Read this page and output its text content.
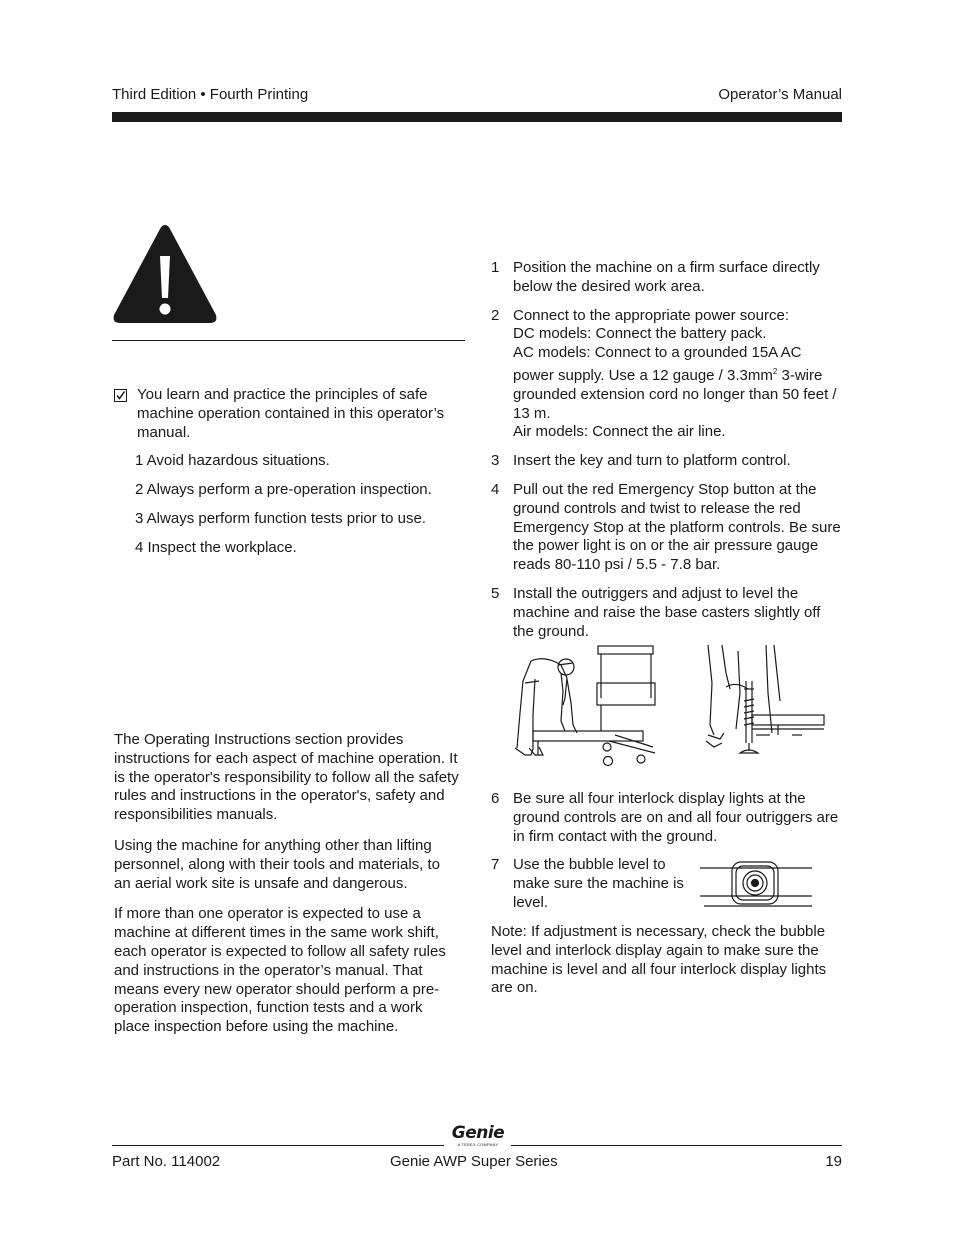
Third Edition • Fourth Printing	Operator’s Manual
You learn and practice the principles of safe machine operation contained in this operator’s manual.
1 Avoid hazardous situations.
2 Always perform a pre-operation inspection.
3 Always perform function tests prior to use.
4 Inspect the workplace.

The Operating Instructions section provides instructions for each aspect of machine operation. It is the operator's responsibility to follow all the safety rules and instructions in the operator's, safety and responsibilities manuals.

Using the machine for anything other than lifting personnel, along with their tools and materials, to an aerial work site is unsafe and dangerous.

If more than one operator is expected to use a machine at different times in the same work shift, each operator is expected to follow all safety rules and instructions in the operator’s manual. That means every new operator should perform a pre-operation inspection, function tests and a work place inspection before using the machine.

1 Position the machine on a firm surface directly below the desired work area.
2 Connect to the appropriate power source:
DC models: Connect the battery pack.
AC models: Connect to a grounded 15A AC power supply. Use a 12 gauge / $3.3mm^2$ 3-wire grounded extension cord no longer than 50 feet / 13 m.
Air models: Connect the air line.
3 Insert the key and turn to platform control.
4 Pull out the red Emergency Stop button at the ground controls and twist to release the red Emergency Stop at the platform controls. Be sure the power light is on or the air pressure gauge reads 80-110 psi / 5.5 - 7.8 bar.
5 Install the outriggers and adjust to level the machine and raise the base casters slightly off the ground.
6 Be sure all four interlock display lights at the ground controls are on and all four outriggers are in firm contact with the ground.
7 Use the bubble level to make sure the machine is level.
Note: If adjustment is necessary, check the bubble level and interlock display again to make sure the machine is level and all four interlock display lights are on.
Genie
A TEREX COMPANY
Part No. 114002	Genie AWP Super Series	19
